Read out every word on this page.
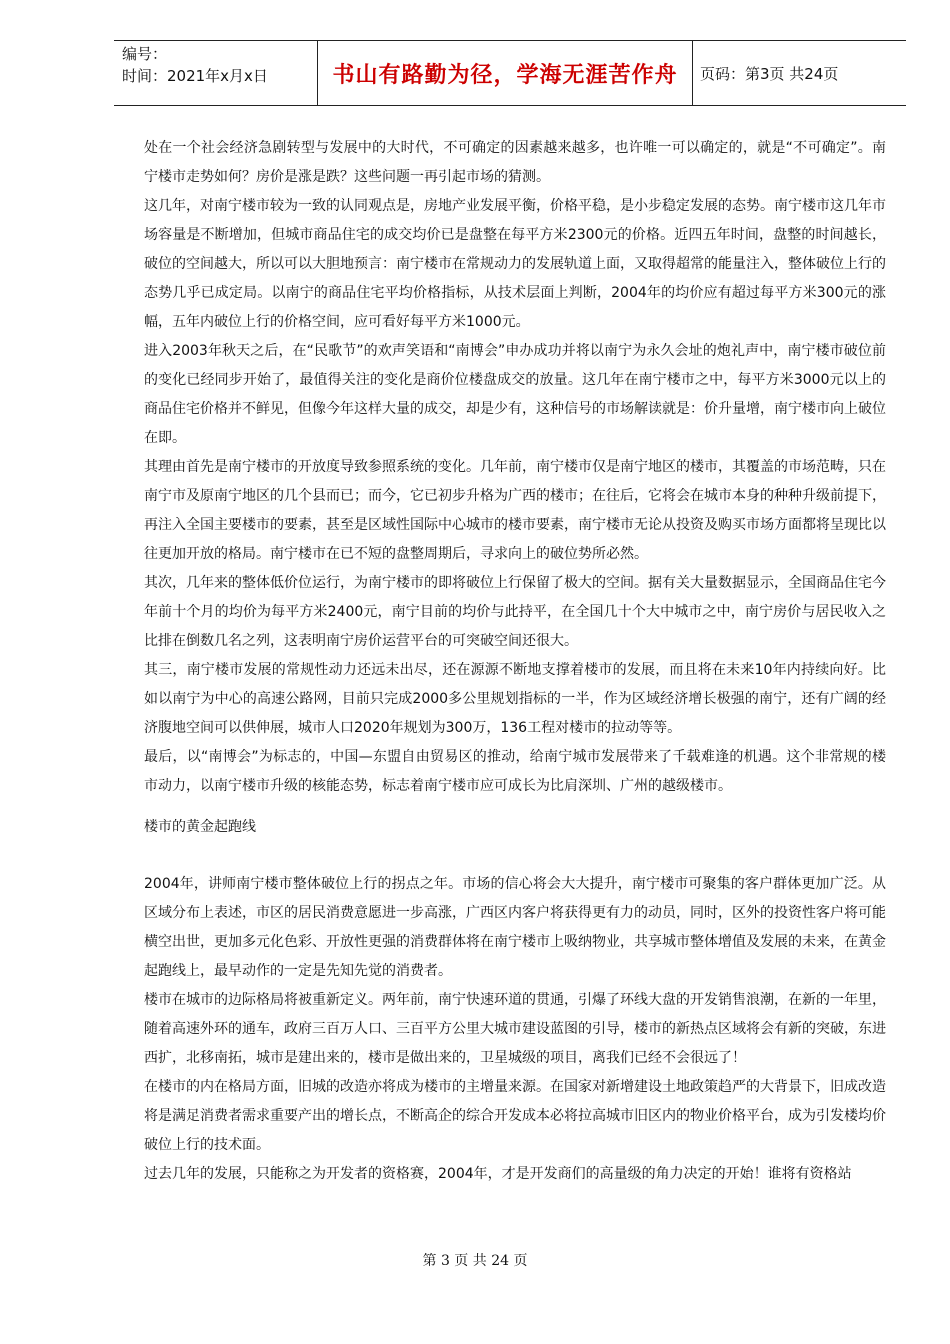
编号：
时间：2021年x月x日	书山有路勤为径，学海无涯苦作舟	页码：第3页 共24页

处在一个社会经济急剧转型与发展中的大时代，不可确定的因素越来越多，也许唯一可以确定的，就是“不可确定”。南宁楼市走势如何？房价是涨是跌？这些问题一再引起市场的猜测。

这几年，对南宁楼市较为一致的认同观点是，房地产业发展平衡，价格平稳，是小步稳定发展的态势。南宁楼市这几年市场容量是不断增加，但城市商品住宅的成交均价已是盘整在每平方米2300元的价格。近四五年时间，盘整的时间越长，破位的空间越大，所以可以大胆地预言：南宁楼市在常规动力的发展轨道上面，又取得超常的能量注入，整体破位上行的态势几乎已成定局。以南宁的商品住宅平均价格指标，从技术层面上判断，2004年的均价应有超过每平方米300元的涨幅，五年内破位上行的价格空间，应可看好每平方米1000元。

进入2003年秋天之后，在“民歌节”的欢声笑语和“南博会”申办成功并将以南宁为永久会址的炮礼声中，南宁楼市破位前的变化已经同步开始了，最值得关注的变化是商价位楼盘成交的放量。这几年在南宁楼市之中，每平方米3000元以上的商品住宅价格并不鲜见，但像今年这样大量的成交，却是少有，这种信号的市场解读就是：价升量增，南宁楼市向上破位在即。

其理由首先是南宁楼市的开放度导致参照系统的变化。几年前，南宁楼市仅是南宁地区的楼市，其覆盖的市场范畴，只在南宁市及原南宁地区的几个县而已；而今，它已初步升格为广西的楼市；在往后，它将会在城市本身的种种升级前提下，再注入全国主要楼市的要素，甚至是区域性国际中心城市的楼市要素，南宁楼市无论从投资及购买市场方面都将呈现比以往更加开放的格局。南宁楼市在已不短的盘整周期后，寻求向上的破位势所必然。

其次，几年来的整体低价位运行，为南宁楼市的即将破位上行保留了极大的空间。据有关大量数据显示，全国商品住宅今年前十个月的均价为每平方米2400元，南宁目前的均价与此持平，在全国几十个大中城市之中，南宁房价与居民收入之比排在倒数几名之列，这表明南宁房价运营平台的可突破空间还很大。

其三，南宁楼市发展的常规性动力还远未出尽，还在源源不断地支撑着楼市的发展，而且将在未来10年内持续向好。比如以南宁为中心的高速公路网，目前只完成2000多公里规划指标的一半，作为区域经济增长极强的南宁，还有广阔的经济腹地空间可以供伸展，城市人口2020年规划为300万，136工程对楼市的拉动等等。

最后，以“南博会”为标志的，中国—东盟自由贸易区的推动，给南宁城市发展带来了千载难逢的机遇。这个非常规的楼市动力，以南宁楼市升级的核能态势，标志着南宁楼市应可成长为比肩深圳、广州的越级楼市。

楼市的黄金起跑线

2004年，讲师南宁楼市整体破位上行的拐点之年。市场的信心将会大大提升，南宁楼市可聚集的客户群体更加广泛。从区域分布上表述，市区的居民消费意愿进一步高涨，广西区内客户将获得更有力的动员，同时，区外的投资性客户将可能横空出世，更加多元化色彩、开放性更强的消费群体将在南宁楼市上吸纳物业，共享城市整体增值及发展的未来，在黄金起跑线上，最早动作的一定是先知先觉的消费者。

楼市在城市的边际格局将被重新定义。两年前，南宁快速环道的贯通，引爆了环线大盘的开发销售浪潮，在新的一年里，随着高速外环的通车，政府三百万人口、三百平方公里大城市建设蓝图的引导，楼市的新热点区域将会有新的突破，东进西扩，北移南拓，城市是建出来的，楼市是做出来的，卫星城级的项目，离我们已经不会很远了！

在楼市的内在格局方面，旧城的改造亦将成为楼市的主增量来源。在国家对新增建设土地政策趋严的大背景下，旧成改造将是满足消费者需求重要产出的增长点，不断高企的综合开发成本必将拉高城市旧区内的物业价格平台，成为引发楼均价破位上行的技术面。

过去几年的发展，只能称之为开发者的资格赛，2004年，才是开发商们的高量级的角力决定的开始！谁将有资格站

第 3 页 共 24 页
